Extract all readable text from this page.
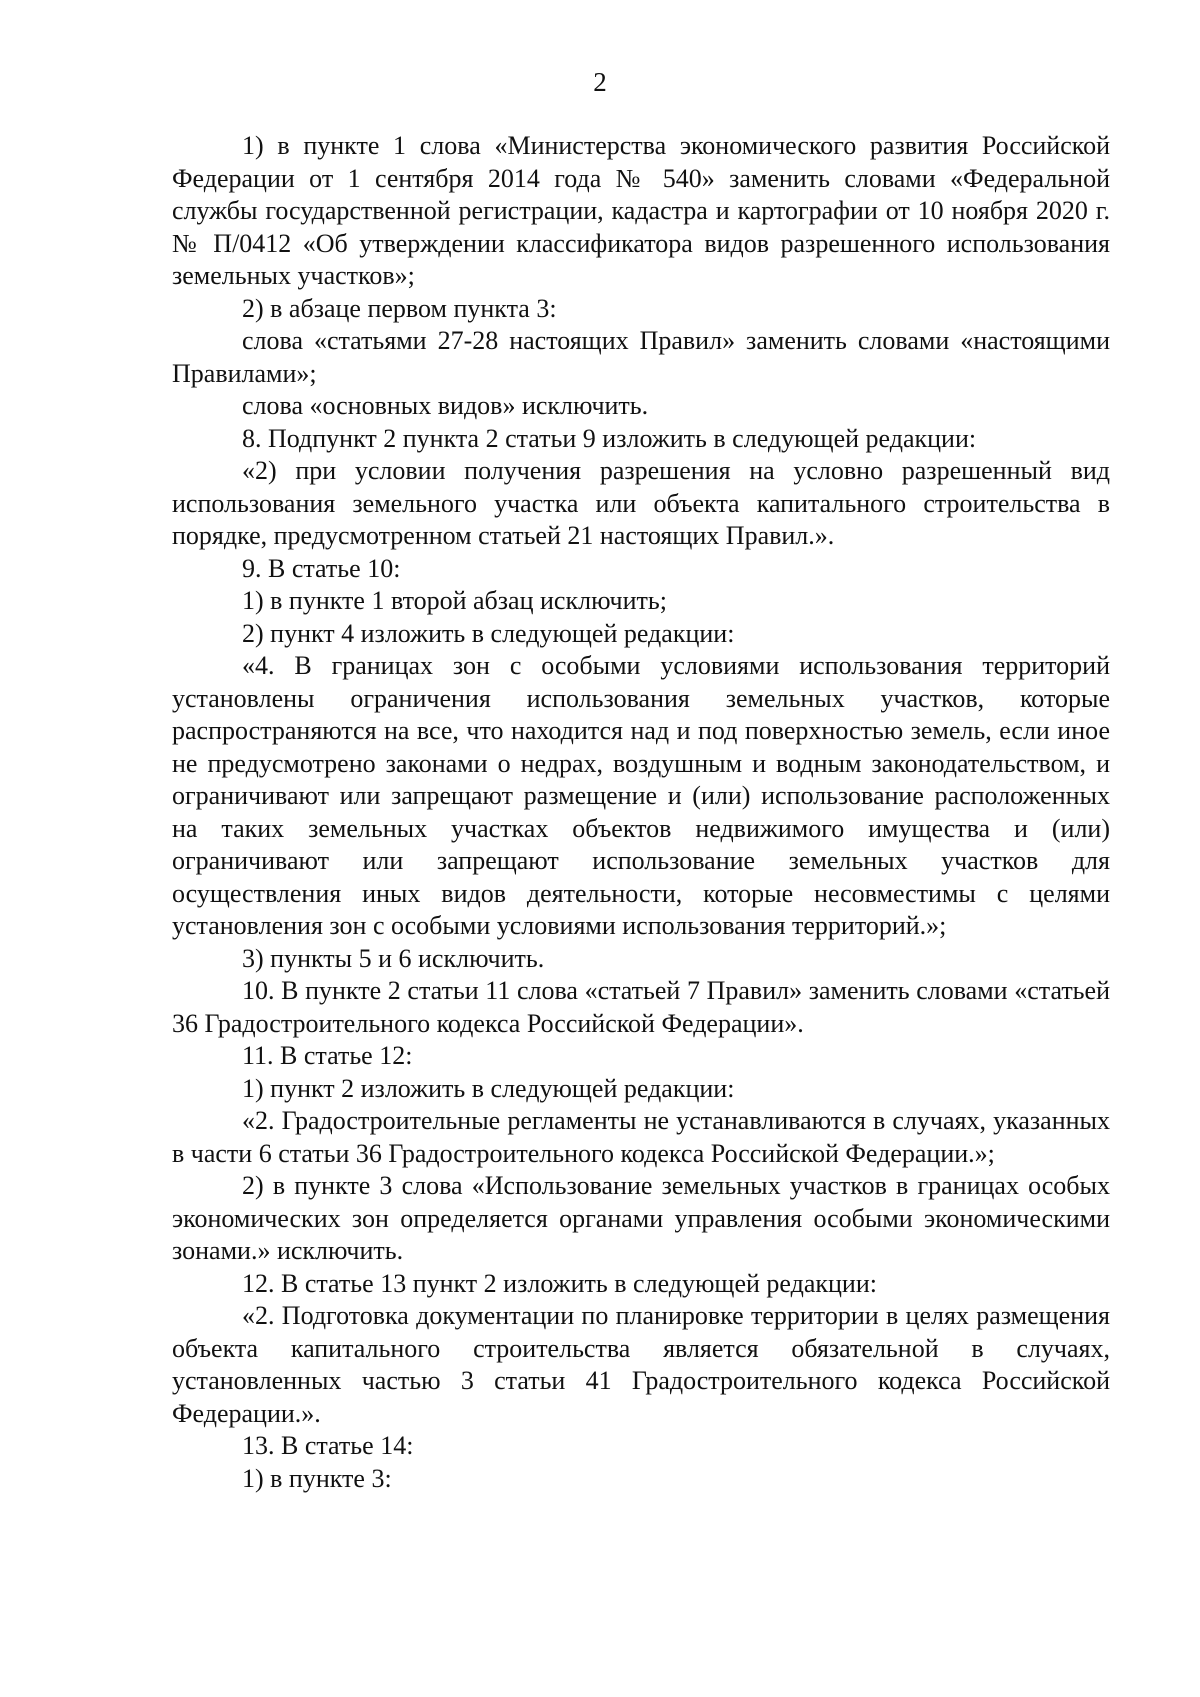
2

1) в пункте 1 слова «Министерства экономического развития Российской Федерации от 1 сентября 2014 года № 540» заменить словами «Федеральной службы государственной регистрации, кадастра и картографии от 10 ноября 2020 г. № П/0412 «Об утверждении классификатора видов разрешенного использования земельных участков»;

2) в абзаце первом пункта 3:

слова «статьями 27-28 настоящих Правил» заменить словами «настоящими Правилами»;

слова «основных видов» исключить.

8. Подпункт 2 пункта 2 статьи 9 изложить в следующей редакции:

«2) при условии получения разрешения на условно разрешенный вид использования земельного участка или объекта капитального строительства в порядке, предусмотренном статьей 21 настоящих Правил.».

9. В статье 10:

1) в пункте 1 второй абзац исключить;

2) пункт 4 изложить в следующей редакции:

«4. В границах зон с особыми условиями использования территорий установлены ограничения использования земельных участков, которые распространяются на все, что находится над и под поверхностью земель, если иное не предусмотрено законами о недрах, воздушным и водным законодательством, и ограничивают или запрещают размещение и (или) использование расположенных на таких земельных участках объектов недвижимого имущества и (или) ограничивают или запрещают использование земельных участков для осуществления иных видов деятельности, которые несовместимы с целями установления зон с особыми условиями использования территорий.»;

3) пункты 5 и 6 исключить.

10. В пункте 2 статьи 11 слова «статьей 7 Правил» заменить словами «статьей 36 Градостроительного кодекса Российской Федерации».

11. В статье 12:

1) пункт 2 изложить в следующей редакции:

«2. Градостроительные регламенты не устанавливаются в случаях, указанных в части 6 статьи 36 Градостроительного кодекса Российской Федерации.»;

2) в пункте 3 слова «Использование земельных участков в границах особых экономических зон определяется органами управления особыми экономическими зонами.» исключить.

12. В статье 13 пункт 2 изложить в следующей редакции:

«2. Подготовка документации по планировке территории в целях размещения объекта капитального строительства является обязательной в случаях, установленных частью 3 статьи 41 Градостроительного кодекса Российской Федерации.».

13. В статье 14:

1) в пункте 3:
